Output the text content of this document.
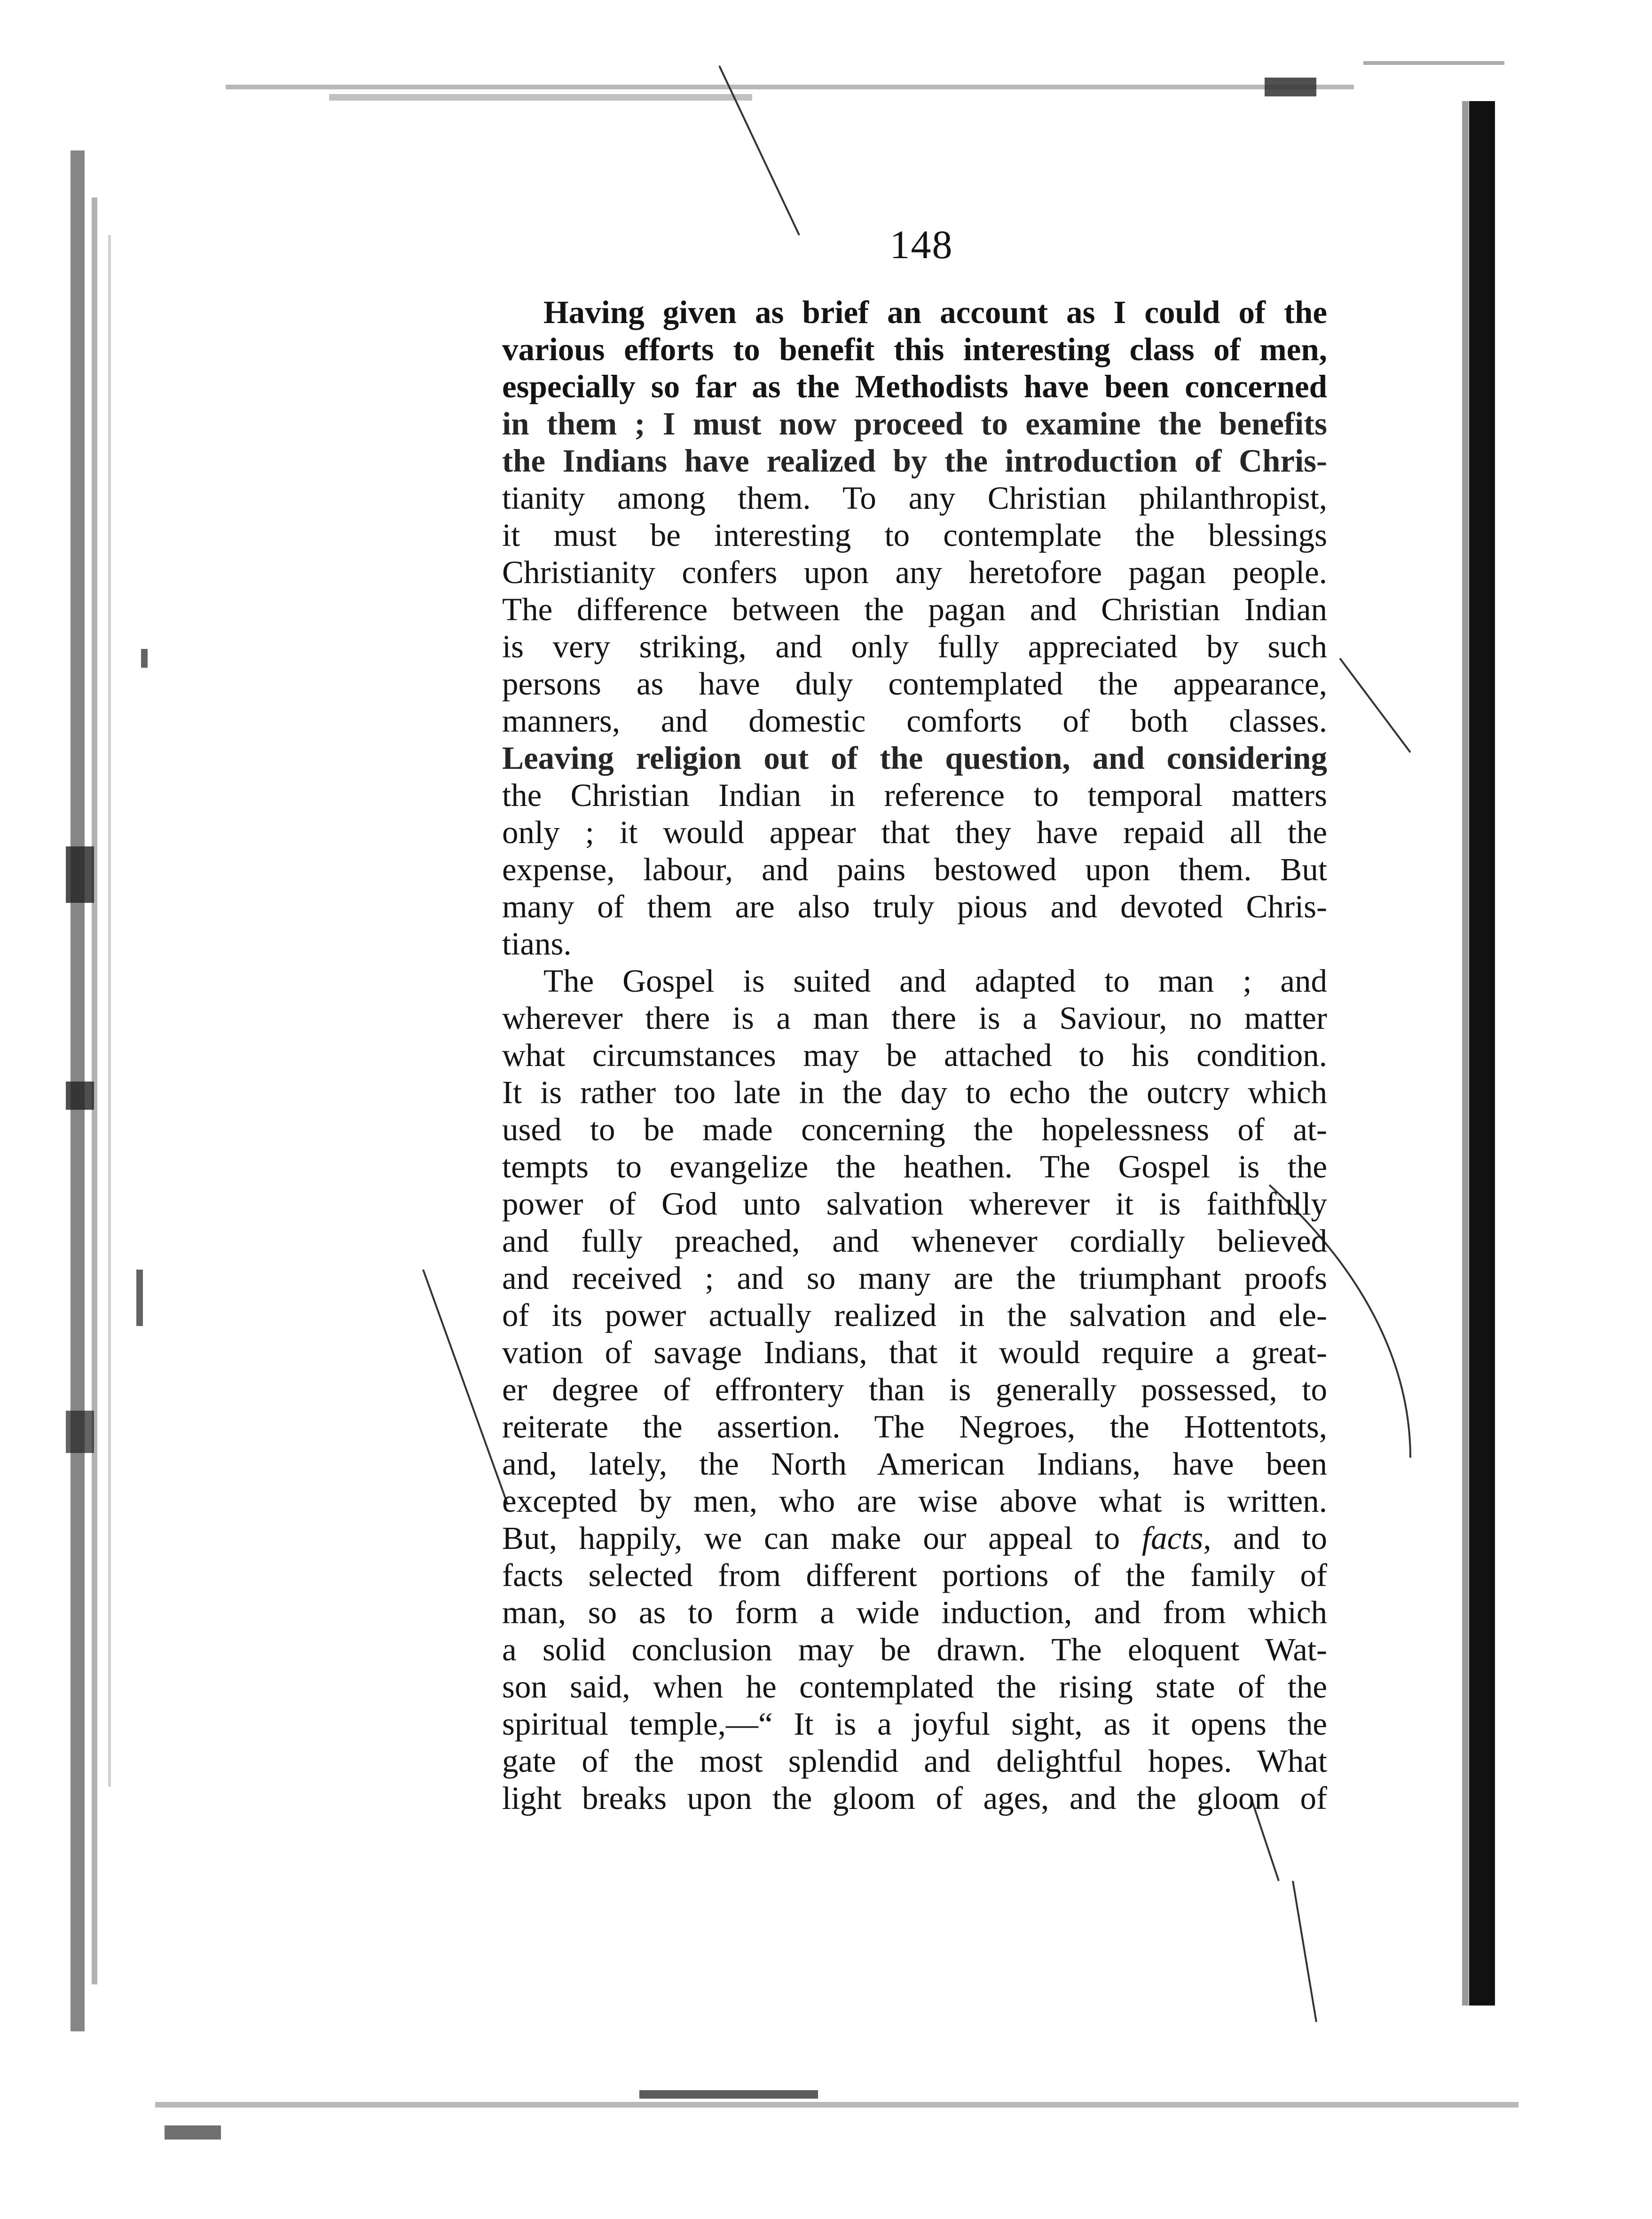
148
Having given as brief an account as I could of the
various efforts to benefit this interesting class of men,
especially so far as the Methodists have been concerned
in them ; I must now proceed to examine the benefits
the Indians have realized by the introduction of Chris-
tianity among them. To any Christian philanthropist,
it must be interesting to contemplate the blessings
Christianity confers upon any heretofore pagan people.
The difference between the pagan and Christian Indian
is very striking, and only fully appreciated by such
persons as have duly contemplated the appearance,
manners, and domestic comforts of both classes.
Leaving religion out of the question, and considering
the Christian Indian in reference to temporal matters
only ; it would appear that they have repaid all the
expense, labour, and pains bestowed upon them. But
many of them are also truly pious and devoted Chris-
tians.
The Gospel is suited and adapted to man ; and
wherever there is a man there is a Saviour, no matter
what circumstances may be attached to his condition.
It is rather too late in the day to echo the outcry which
used to be made concerning the hopelessness of at-
tempts to evangelize the heathen. The Gospel is the
power of God unto salvation wherever it is faithfully
and fully preached, and whenever cordially believed
and received ; and so many are the triumphant proofs
of its power actually realized in the salvation and ele-
vation of savage Indians, that it would require a great-
er degree of effrontery than is generally possessed, to
reiterate the assertion. The Negroes, the Hottentots,
and, lately, the North American Indians, have been
excepted by men, who are wise above what is written.
But, happily, we can make our appeal to facts, and to
facts selected from different portions of the family of
man, so as to form a wide induction, and from which
a solid conclusion may be drawn. The eloquent Wat-
son said, when he contemplated the rising state of the
spiritual temple,—“ It is a joyful sight, as it opens the
gate of the most splendid and delightful hopes. What
light breaks upon the gloom of ages, and the gloom of
